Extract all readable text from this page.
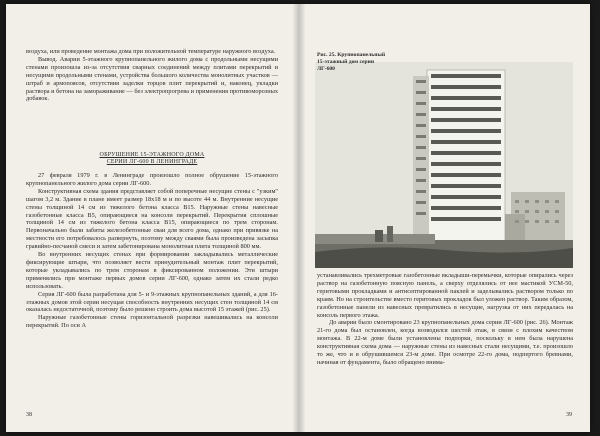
воздуха, или проведение монтажа дома при положительной температуре наружного воздуха.

Вывод. Аварии 5-этажного крупнопанельного жилого дома с продольными несущими стенами произошла из-за отсутствия сварных соединений между плитами перекрытий и несущими продольными стенами, устройства большого количества монолитных участков — штраб и армопоясов, отсутствия заделки торцов плит перекрытий и, наконец, укладки раствора и бетона на замораживание — без электропрогрева и применения противоморозных добавок.

ОБРУШЕНИЕ 15-ЭТАЖНОГО ДОМА
СЕРИИ ЛГ-600 В ЛЕНИНГРАДЕ

27 февраля 1979 г. в Ленинграде произошло полное обрушение 15-этажного крупнопанельного жилого дома серии ЛГ-600.

Конструктивная схема здания представляет собой поперечные несущие стены с "узким" шагом 3,2 м. Здание в плане имеет размер 18х18 м и по высоте 44 м. Внутренние несущие стены толщиной 14 см из тяжелого бетона класса В15. Наружные стены навесные газобетонные класса В5, опирающиеся на консоли перекрытий. Перекрытия сплошные толщиной 14 см из тяжелого бетона класса В15, опирающиеся по трем сторонам. Первоначально были забиты железобетонные сваи для всего дома, однако при привязке на местности его потребовалось развернуть, поэтому между сваями была произведена засыпка гравийно-песчаной смеси и затем забетонирована монолитная плита толщиной 800 мм.

Во внутренних несущих стенах при формировании закладывались металлические фиксирующие штыри, что позволяет вести принудительный монтаж плит перекрытий, которые укладывались по трем сторонам в фиксированном положении. Эти штыри применялись при монтаже первых домов серии ЛГ-600, однако затем их стали редко использовать.

Серия ЛГ-600 была разработана для 5- и 9-этажных крупнопанельных зданий, а для 16-этажных домов этой серии несущая способность внутренних несущих стен толщиной 14 см оказалась недостаточной, поэтому было решено строить дома высотой 15 этажей (рис. 25).

Наружные газобетонные стены горизонтальной разрезки навешивались на консоли перекрытий. По оси А

38
Рис. 25. Крупнопанельный 15-этажный дом серии ЛГ-600

устанавливались трехметровые газобетонные вкладыши-перемычки, которые опирались через раствор на газобетонную поясную панель, а сверху отделялись от нее мастикой УСМ-50, геритовыми прокладками и антисептированной паклей и заделывались раствором только по краям. Но на строительстве вместо геритовых прокладок был уложен раствор. Таким образом, газобетонные панели из навесных превратились в несущие, нагрузка от них передалась на консоль первого этажа.

До аварии было смонтировано 23 крупнопанельных дома серии ЛГ-600 (рис. 26). Монтаж 21-го дома был остановлен, когда возводился шестой этаж, в связи с плохим качеством монтажа. В 22-м доме были установлены подпорки, поскольку в нем была нарушена конструктивная схема дома — наружные стены из навесных стали несущими, т.е. произошло то же, что и в обрушившемся 23-м доме. При осмотре 22-го дома, подпертого бревнами, начиная от фундамента, было обращено внима-

39
